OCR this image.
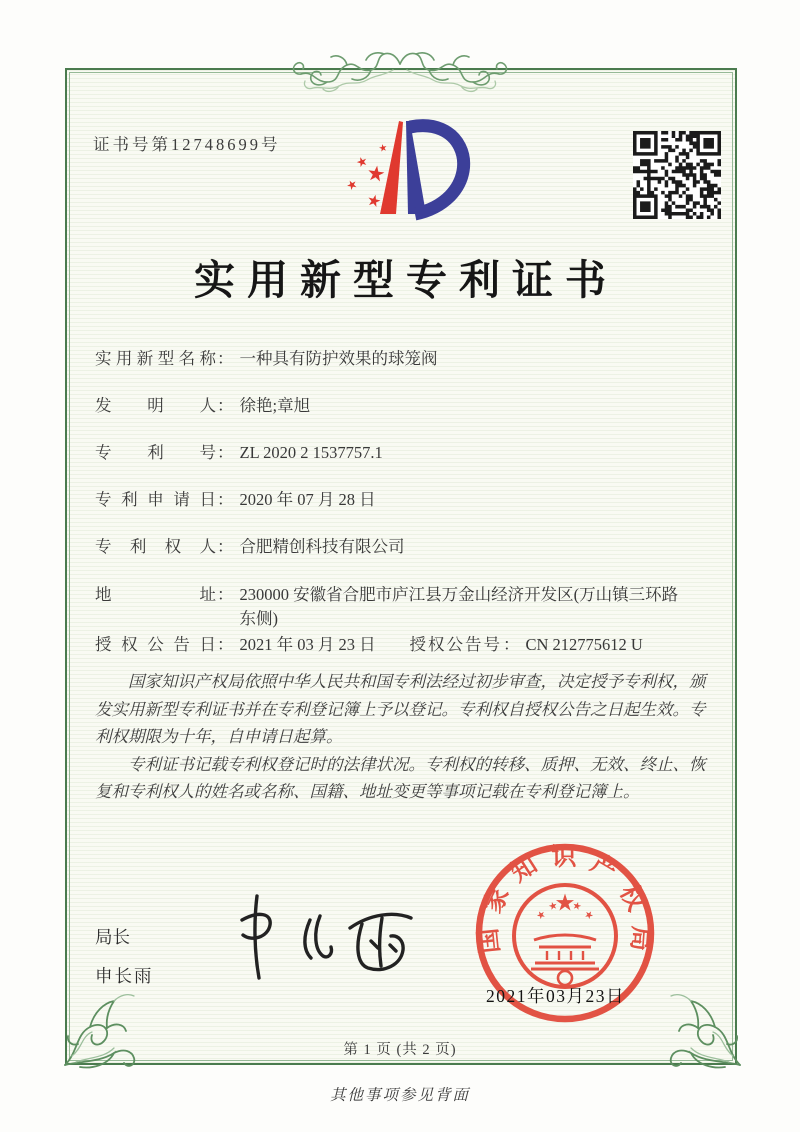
证书号第12748699号
实用新型专利证书
实用新型名称 ： 一种具有防护效果的球笼阀
发明人 ： 徐艳;章旭
专利号 ： ZL 2020 2 1537757.1
专利申请日 ： 2020 年 07 月 28 日
专利权人 ： 合肥精创科技有限公司
地址 ： 230000 安徽省合肥市庐江县万金山经济开发区(万山镇三环路东侧)
授权公告日 ： 2021 年 03 月 23 日	授权公告号 ： CN 212775612 U

国家知识产权局依照中华人民共和国专利法经过初步审查，决定授予专利权，颁发实用新型专利证书并在专利登记簿上予以登记。专利权自授权公告之日起生效。专利权期限为十年，自申请日起算。

专利证书记载专利权登记时的法律状况。专利权的转移、质押、无效、终止、恢复和专利权人的姓名或名称、国籍、地址变更等事项记载在专利登记簿上。

局长
申长雨
国家知识产权局
2021年03月23日
第 1 页 (共 2 页)
其他事项参见背面
